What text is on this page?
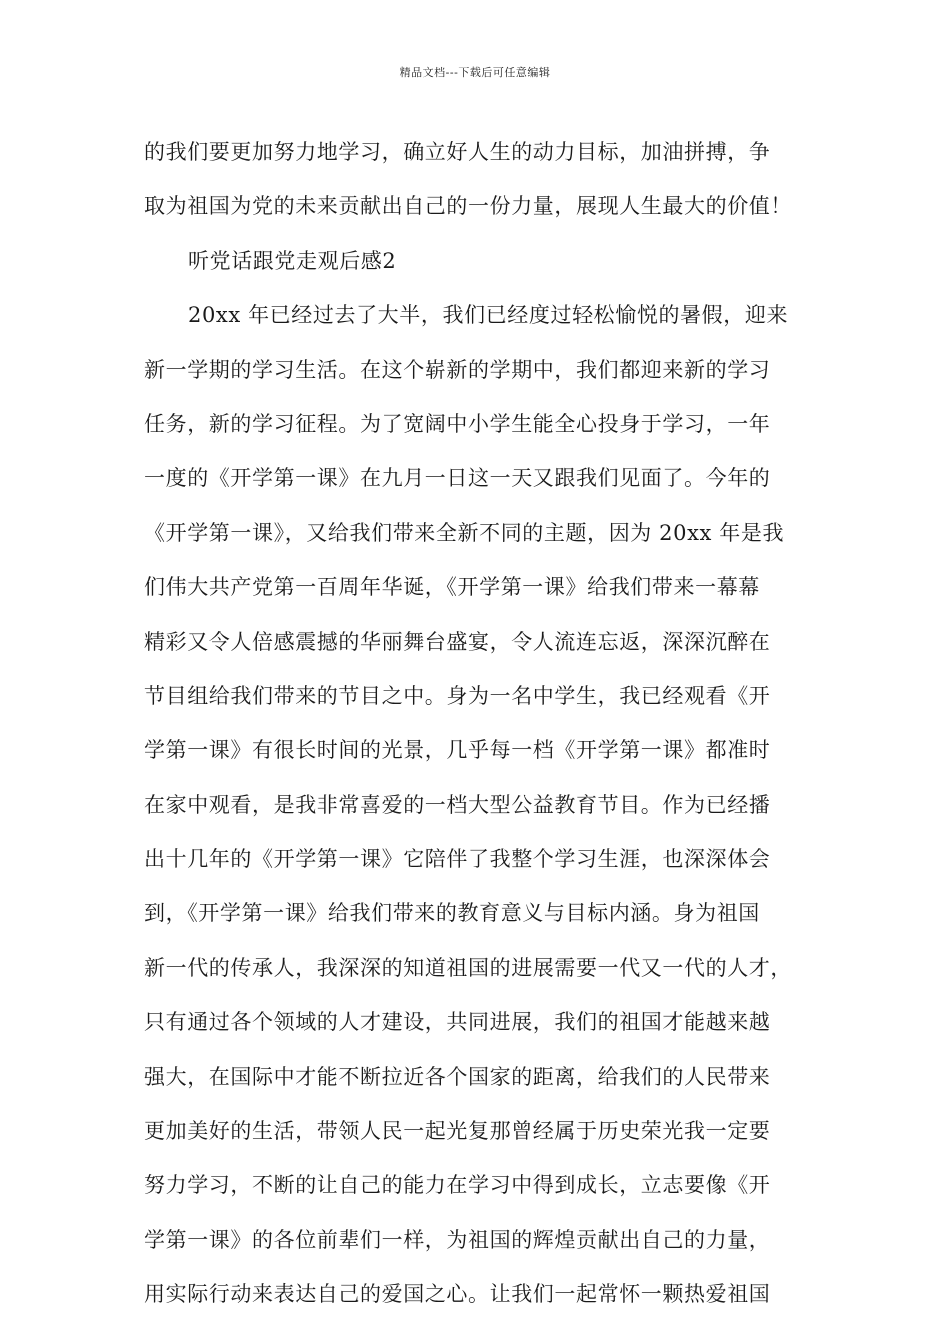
精品文档---下载后可任意编辑
的我们要更加努力地学习，确立好人生的动力目标，加油拼搏，争
取为祖国为党的未来贡献出自己的一份力量，展现人生最大的价值！
听党话跟党走观后感2
20xx 年已经过去了大半，我们已经度过轻松愉悦的暑假，迎来
新一学期的学习生活。在这个崭新的学期中，我们都迎来新的学习
任务，新的学习征程。为了宽阔中小学生能全心投身于学习，一年
一度的《开学第一课》在九月一日这一天又跟我们见面了。今年的
《开学第一课》，又给我们带来全新不同的主题，因为 20xx 年是我
们伟大共产党第一百周年华诞，《开学第一课》给我们带来一幕幕
精彩又令人倍感震撼的华丽舞台盛宴，令人流连忘返，深深沉醉在
节目组给我们带来的节目之中。身为一名中学生，我已经观看《开
学第一课》有很长时间的光景，几乎每一档《开学第一课》都准时
在家中观看，是我非常喜爱的一档大型公益教育节目。作为已经播
出十几年的《开学第一课》它陪伴了我整个学习生涯，也深深体会
到，《开学第一课》给我们带来的教育意义与目标内涵。身为祖国
新一代的传承人，我深深的知道祖国的进展需要一代又一代的人才，
只有通过各个领域的人才建设，共同进展，我们的祖国才能越来越
强大，在国际中才能不断拉近各个国家的距离，给我们的人民带来
更加美好的生活，带领人民一起光复那曾经属于历史荣光我一定要
努力学习，不断的让自己的能力在学习中得到成长，立志要像《开
学第一课》的各位前辈们一样，为祖国的辉煌贡献出自己的力量，
用实际行动来表达自己的爱国之心。让我们一起常怀一颗热爱祖国
